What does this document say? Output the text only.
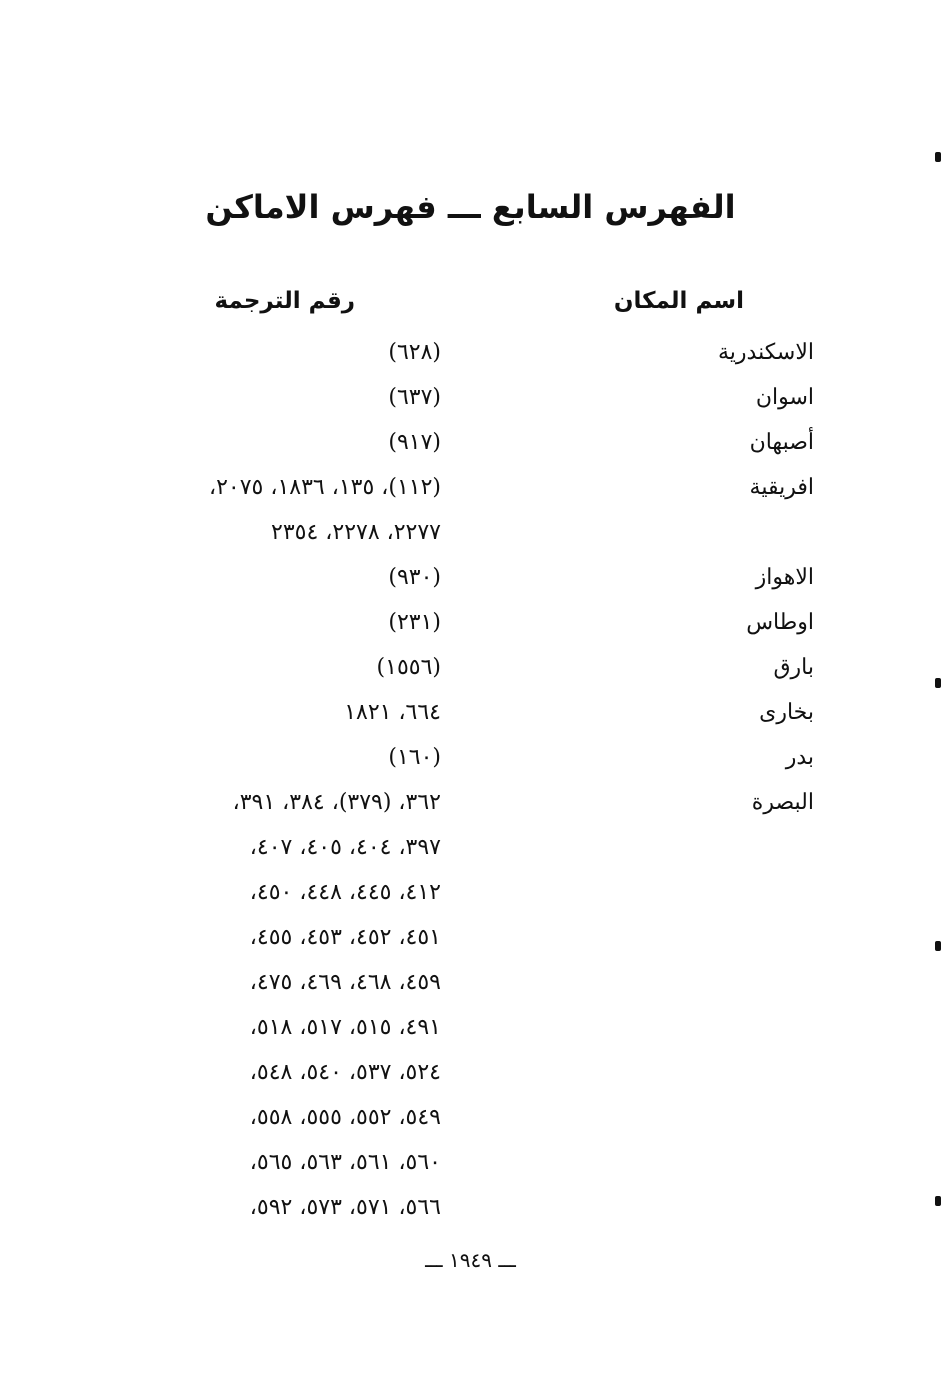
الفهرس السابع ـــ فهرس الاماكن
اسم المكان
رقم الترجمة
الاسكندرية
(٦٢٨)
اسوان
(٦٣٧)
أصبهان
(٩١٧)
افريقية
(١١٢)، ١٣٥، ١٨٣٦، ٢٠٧٥،
٢٢٧٧، ٢٢٧٨، ٢٣٥٤
الاهواز
(٩٣٠)
اوطاس
(٢٣١)
بارق
(١٥٥٦)
بخارى
٦٦٤، ١٨٢١
بدر
(١٦٠)
البصرة
٣٦٢، (٣٧٩)، ٣٨٤، ٣٩١،
٣٩٧، ٤٠٤، ٤٠٥، ٤٠٧،
٤١٢، ٤٤٥، ٤٤٨، ٤٥٠،
٤٥١، ٤٥٢، ٤٥٣، ٤٥٥،
٤٥٩، ٤٦٨، ٤٦٩، ٤٧٥،
٤٩١، ٥١٥، ٥١٧، ٥١٨،
٥٢٤، ٥٣٧، ٥٤٠، ٥٤٨،
٥٤٩، ٥٥٢، ٥٥٥، ٥٥٨،
٥٦٠، ٥٦١، ٥٦٣، ٥٦٥،
٥٦٦، ٥٧١، ٥٧٣، ٥٩٢،
ـــ ١٩٤٩ ـــ
